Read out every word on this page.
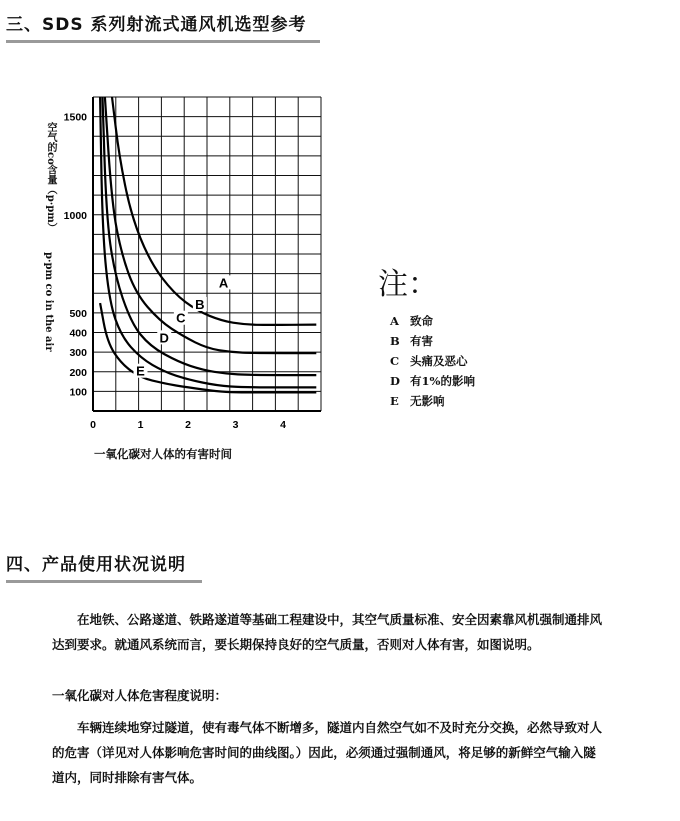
三、SDS 系列射流式通风机选型参考
空气的co含量（p·pm）
p·pm co in the air
0	1	2	3	4
100
200
300
400
500
1000
1500
A
B
C
D
E
一氧化碳对人体的有害时间
注：
A 致命
B 有害
C 头痛及恶心
D 有1%的影响
E 无影响
四、产品使用状况说明
在地铁、公路遂道、铁路遂道等基础工程建设中，其空气质量标准、安全因素靠风机强制通排风
达到要求。就通风系统而言，要长期保持良好的空气质量，否则对人体有害，如图说明。
一氧化碳对人体危害程度说明：
车辆连续地穿过隧道，使有毒气体不断增多，隧道内自然空气如不及时充分交换，必然导致对人
的危害（详见对人体影响危害时间的曲线图。）因此，必须通过强制通风，将足够的新鲜空气输入隧
道内，同时排除有害气体。
